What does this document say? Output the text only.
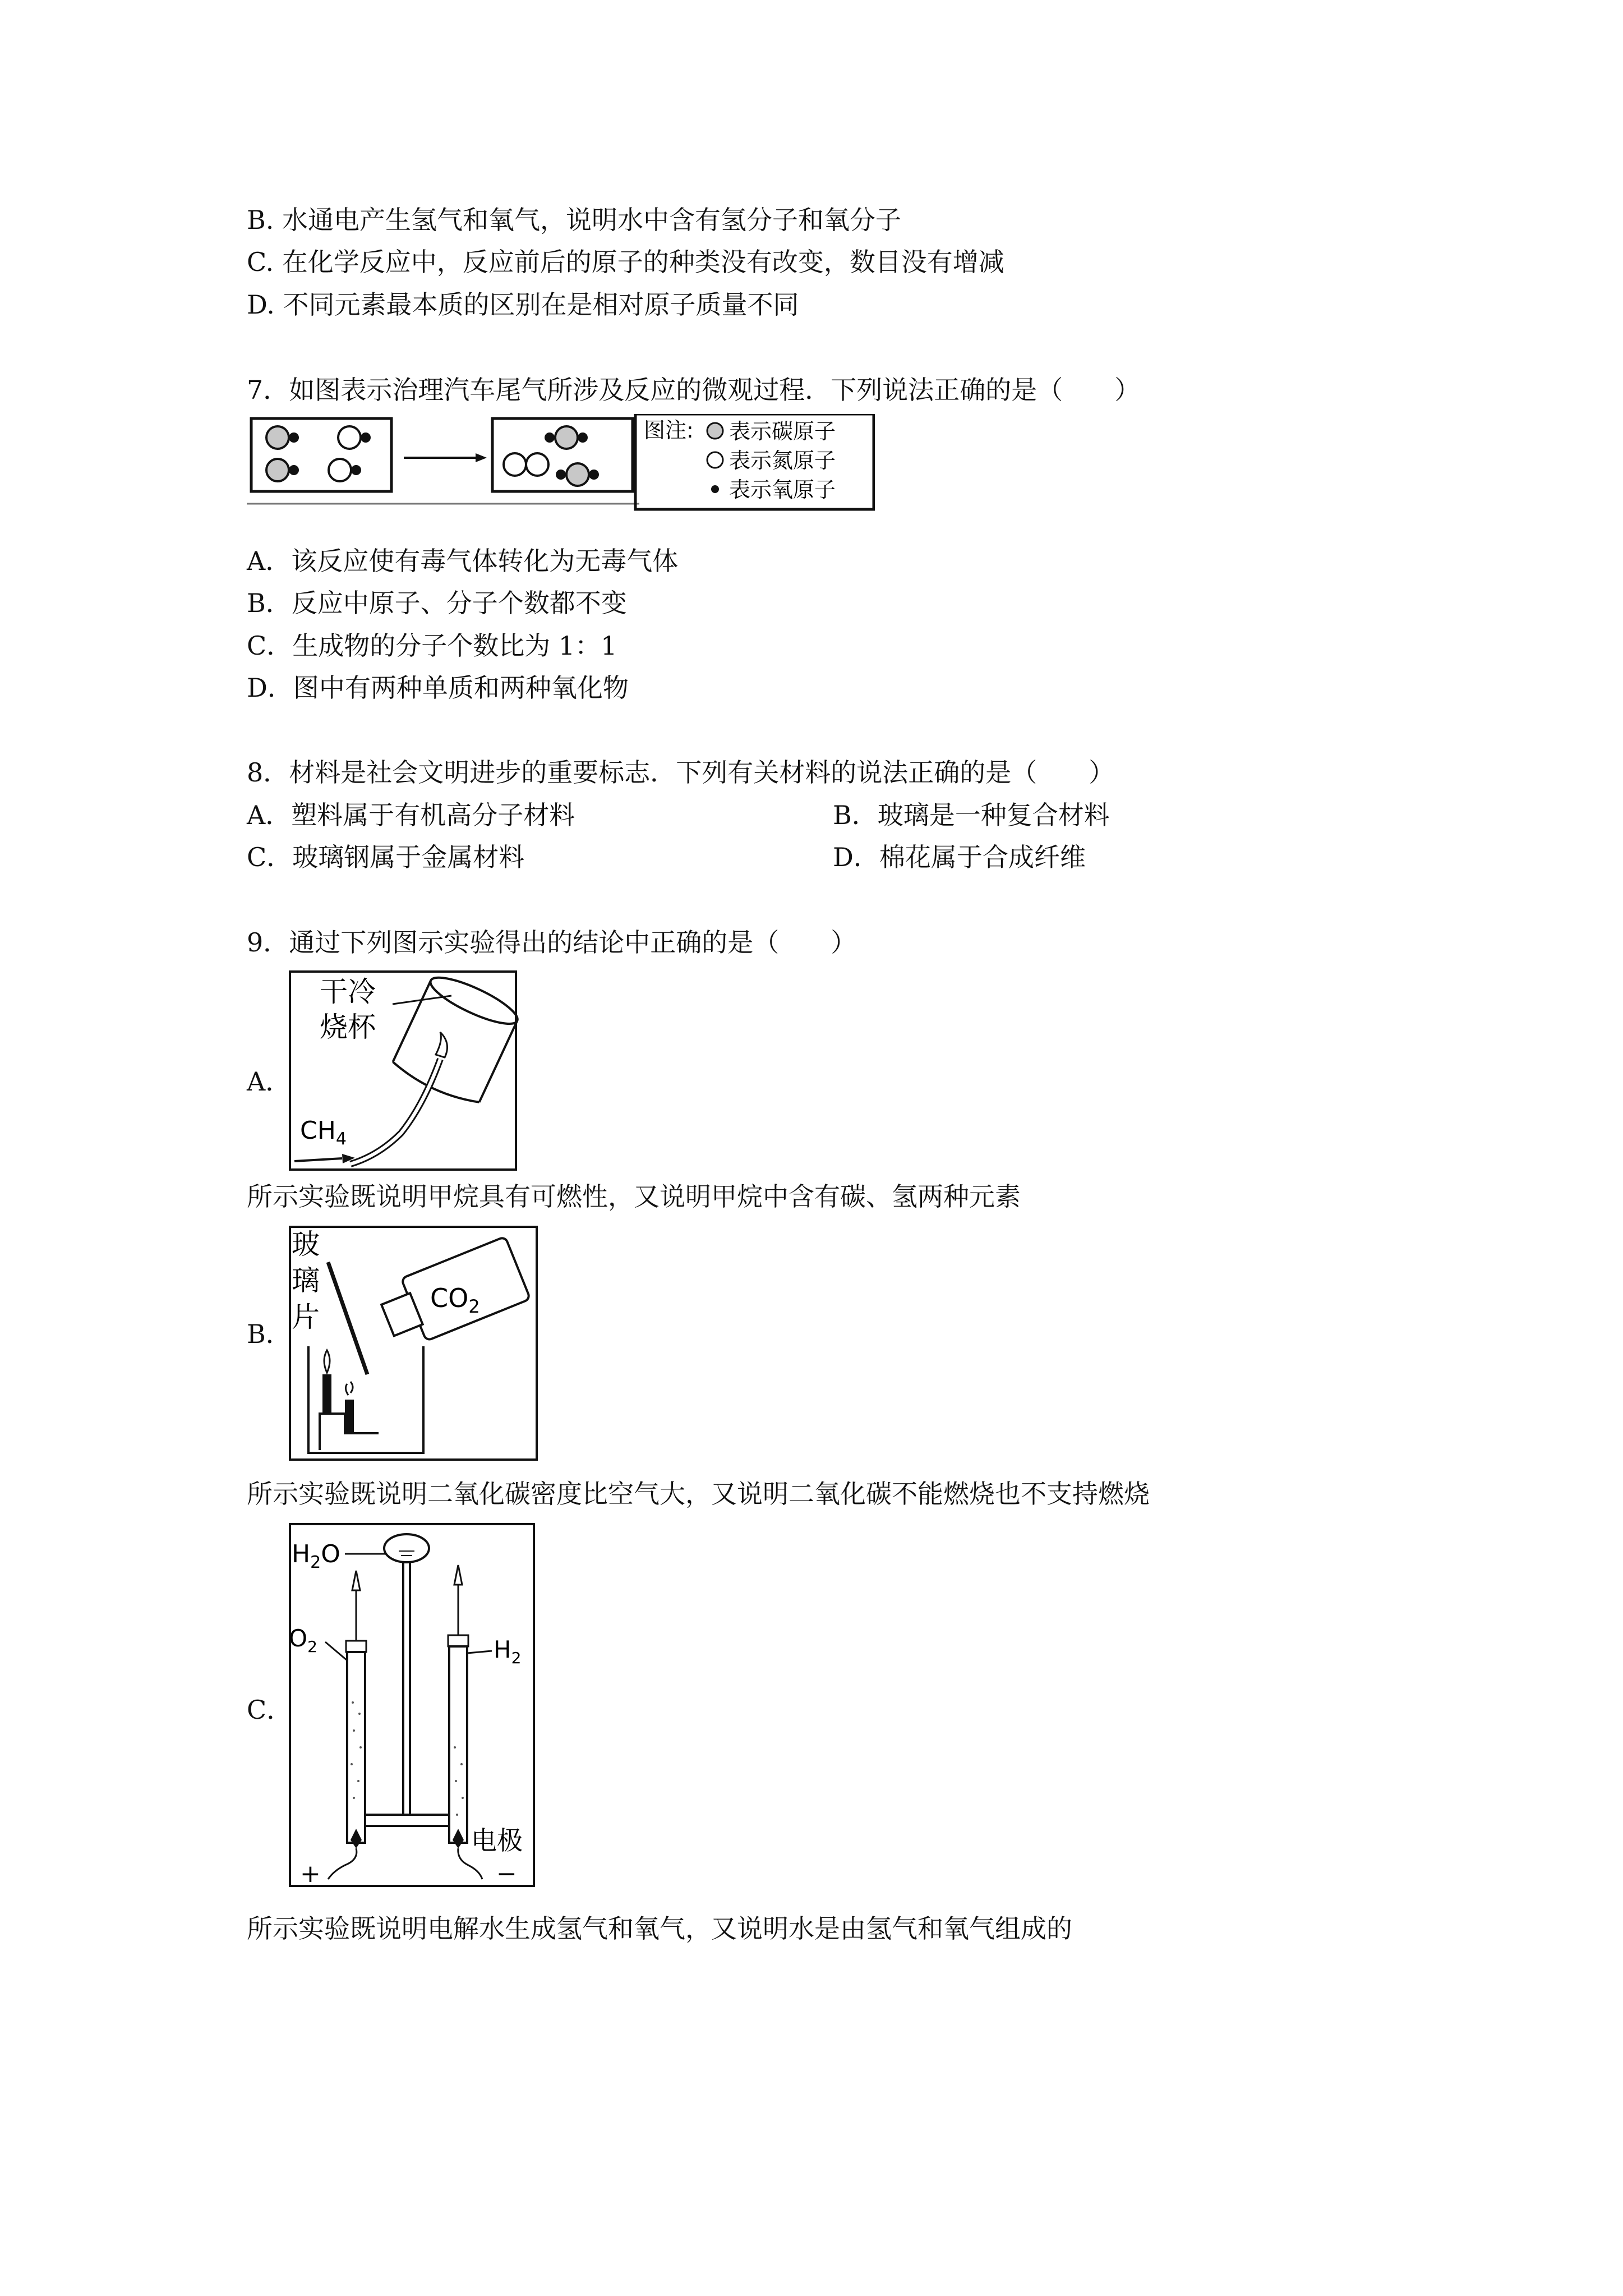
B. 水通电产生氢气和氧气，说明水中含有氢分子和氧分子
C. 在化学反应中，反应前后的原子的种类没有改变，数目没有增减
D. 不同元素最本质的区别在是相对原子质量不同
7．如图表示治理汽车尾气所涉及反应的微观过程．下列说法正确的是（　　）
图注: 表示碳原子
表示氮原子
表示氧原子
A．该反应使有毒气体转化为无毒气体
B．反应中原子、分子个数都不变
C．生成物的分子个数比为 1：1
D．图中有两种单质和两种氧化物
8．材料是社会文明进步的重要标志．下列有关材料的说法正确的是（　　）
A．塑料属于有机高分子材料	B．玻璃是一种复合材料
C．玻璃钢属于金属材料	D．棉花属于合成纤维
9．通过下列图示实验得出的结论中正确的是（　　）
A．
干冷
烧杯
$CH_4$
所示实验既说明甲烷具有可燃性，又说明甲烷中含有碳、氢两种元素
B．
玻
璃
片
$CO_2$
所示实验既说明二氧化碳密度比空气大，又说明二氧化碳不能燃烧也不支持燃烧
C．
$H_2O$
$O_2$	$H_2$
电极
+	−
所示实验既说明电解水生成氢气和氧气，又说明水是由氢气和氧气组成的
